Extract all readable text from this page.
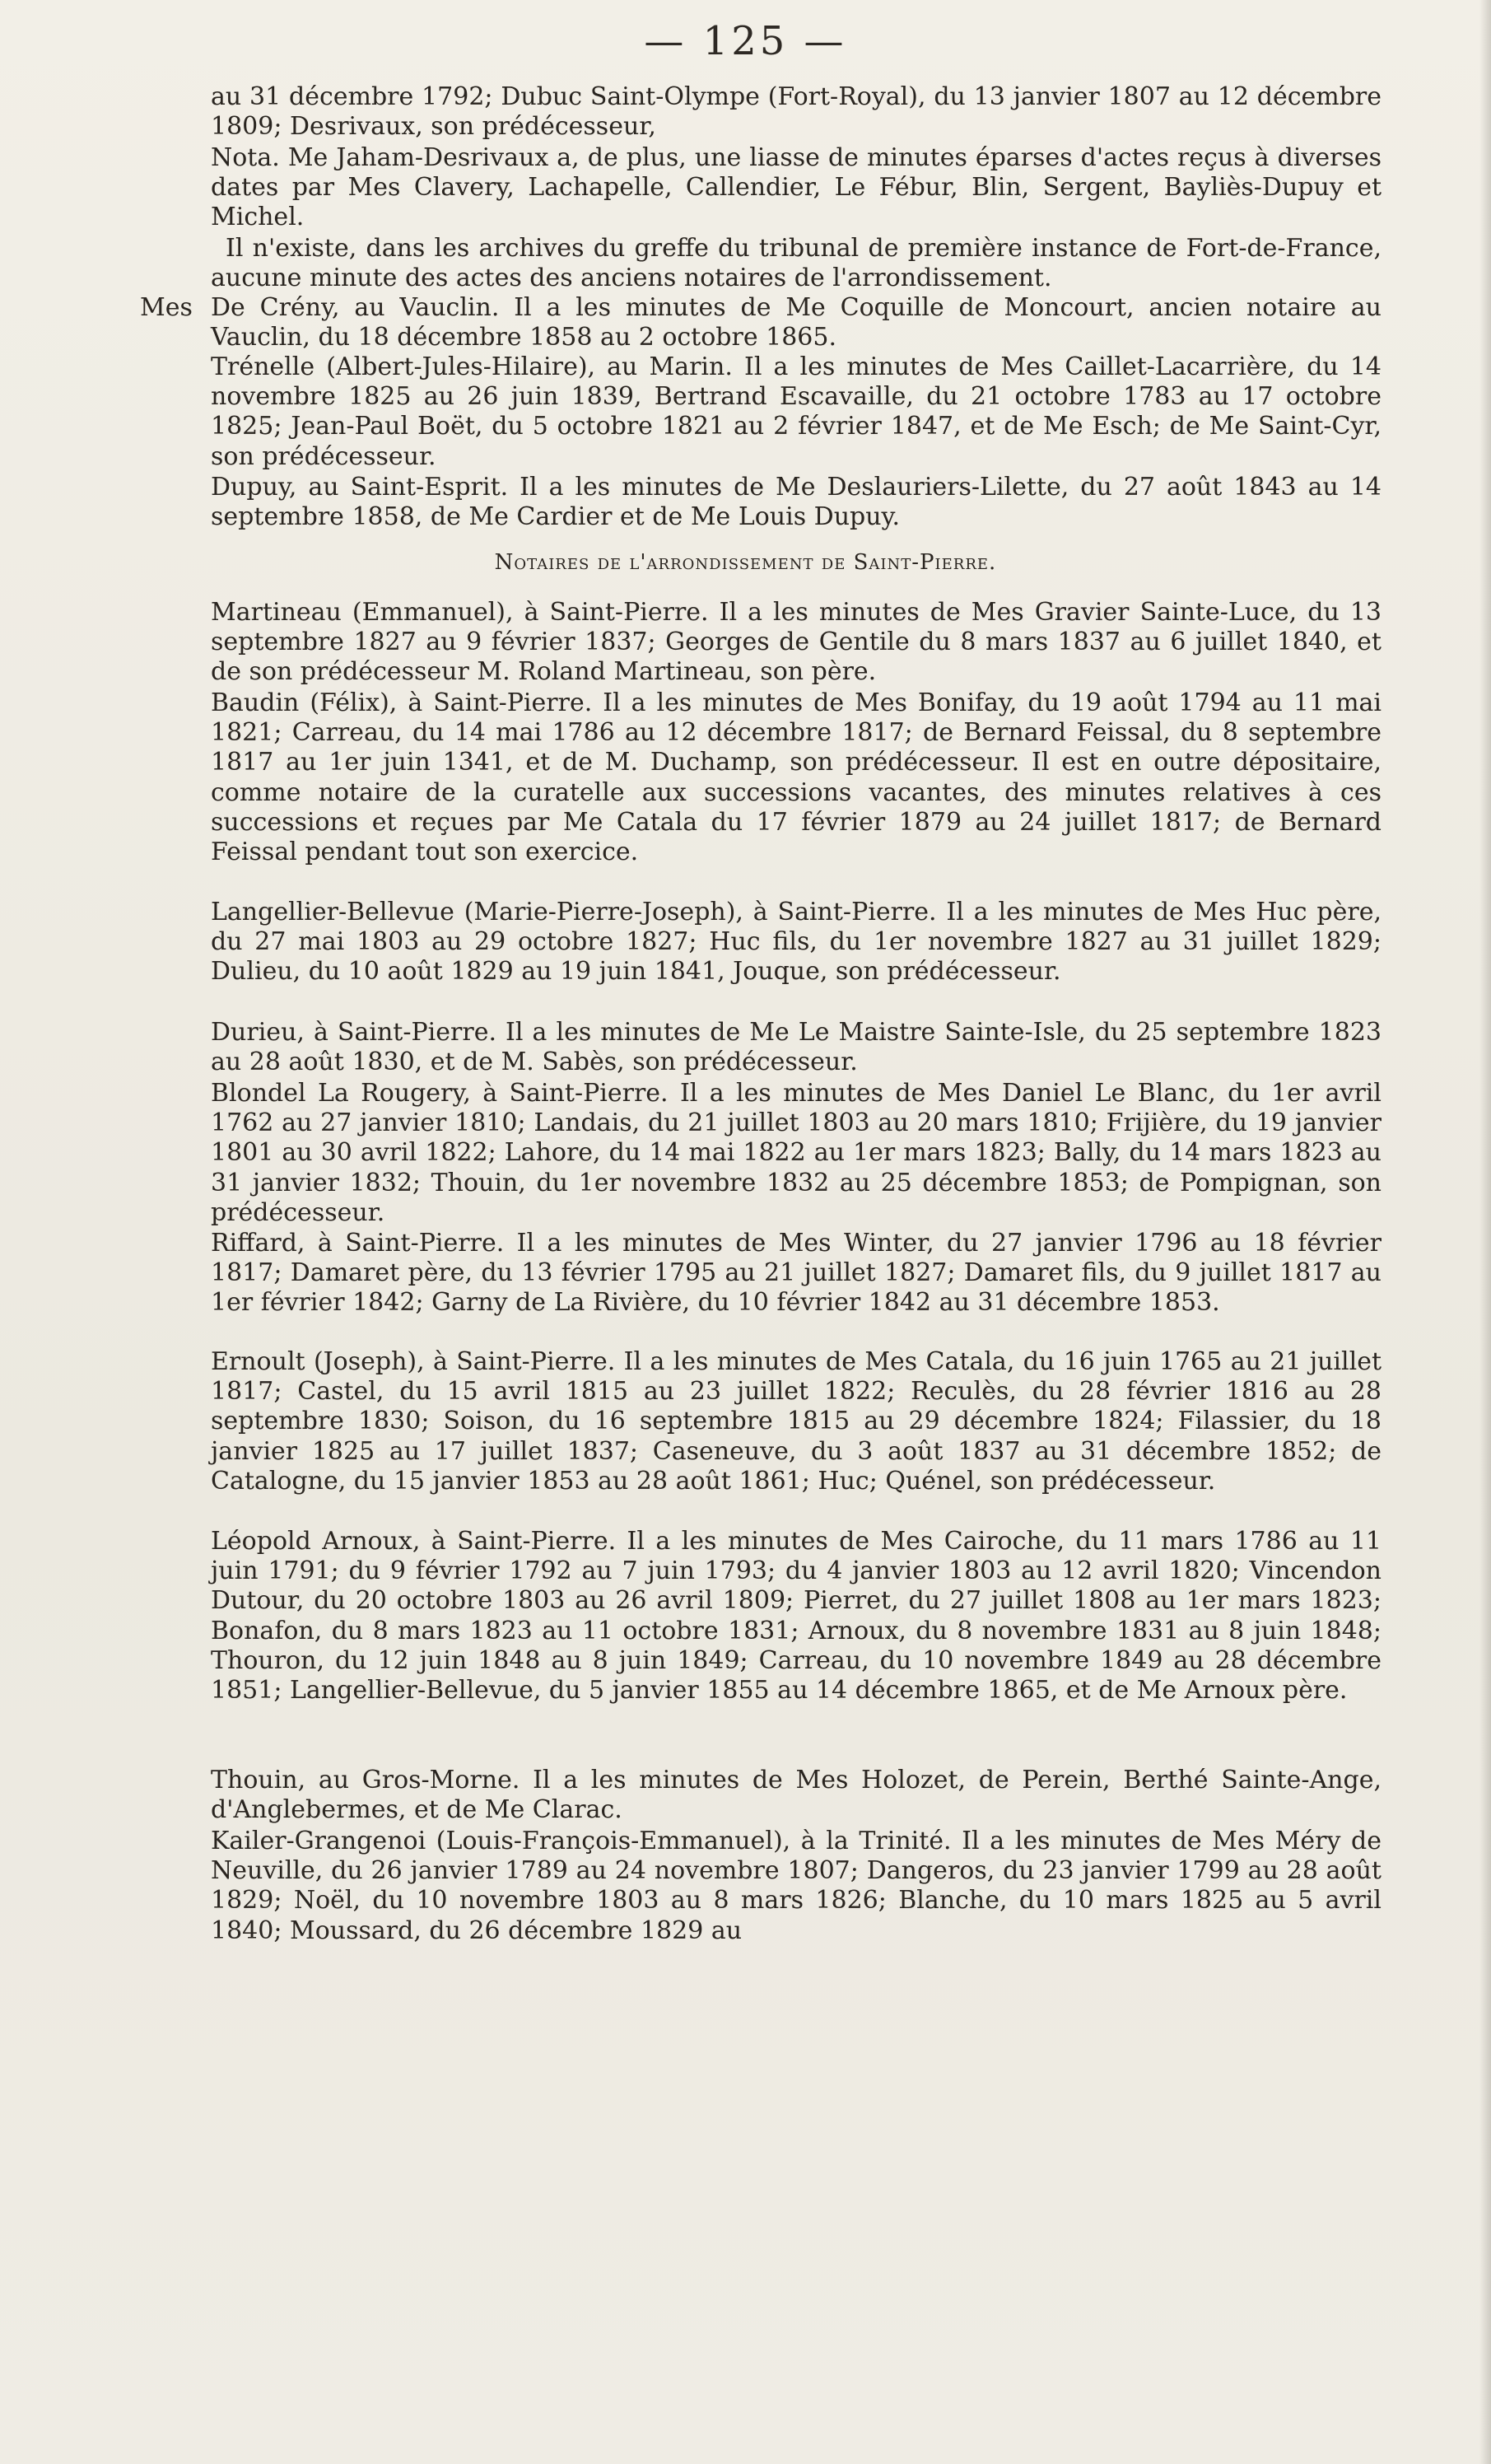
— 125 —

au 31 décembre 1792; Dubuc Saint-Olympe (Fort-Royal), du 13 janvier 1807 au 12 décembre 1809; Desrivaux, son prédécesseur,

Nota. Me Jaham-Desrivaux a, de plus, une liasse de minutes éparses d'actes reçus à diverses dates par Mes Clavery, Lachapelle, Callendier, Le Fébur, Blin, Sergent, Bayliès-Dupuy et Michel.

Il n'existe, dans les archives du greffe du tribunal de première instance de Fort-de-France, aucune minute des actes des anciens notaires de l'arrondissement.

Mes De Crény, au Vauclin. Il a les minutes de Me Coquille de Moncourt, ancien notaire au Vauclin, du 18 décembre 1858 au 2 octobre 1865.

Trénelle (Albert-Jules-Hilaire), au Marin. Il a les minutes de Mes Caillet-Lacarrière, du 14 novembre 1825 au 26 juin 1839, Bertrand Escavaille, du 21 octobre 1783 au 17 octobre 1825; Jean-Paul Boët, du 5 octobre 1821 au 2 février 1847, et de Me Esch; de Me Saint-Cyr, son prédécesseur.

Dupuy, au Saint-Esprit. Il a les minutes de Me Deslauriers-Lilette, du 27 août 1843 au 14 septembre 1858, de Me Cardier et de Me Louis Dupuy.

Notaires de l'arrondissement de Saint-Pierre.

Martineau (Emmanuel), à Saint-Pierre. Il a les minutes de Mes Gravier Sainte-Luce, du 13 septembre 1827 au 9 février 1837; Georges de Gentile du 8 mars 1837 au 6 juillet 1840, et de son prédécesseur M. Roland Martineau, son père.

Baudin (Félix), à Saint-Pierre. Il a les minutes de Mes Bonifay, du 19 août 1794 au 11 mai 1821; Carreau, du 14 mai 1786 au 12 décembre 1817; de Bernard Feissal, du 8 septembre 1817 au 1er juin 1341, et de M. Duchamp, son prédécesseur. Il est en outre dépositaire, comme notaire de la curatelle aux successions vacantes, des minutes relatives à ces successions et reçues par Me Catala du 17 février 1879 au 24 juillet 1817; de Bernard Feissal pendant tout son exercice.

Langellier-Bellevue (Marie-Pierre-Joseph), à Saint-Pierre. Il a les minutes de Mes Huc père, du 27 mai 1803 au 29 octobre 1827; Huc fils, du 1er novembre 1827 au 31 juillet 1829; Dulieu, du 10 août 1829 au 19 juin 1841, Jouque, son prédécesseur.

Durieu, à Saint-Pierre. Il a les minutes de Me Le Maistre Sainte-Isle, du 25 septembre 1823 au 28 août 1830, et de M. Sabès, son prédécesseur.

Blondel La Rougery, à Saint-Pierre. Il a les minutes de Mes Daniel Le Blanc, du 1er avril 1762 au 27 janvier 1810; Landais, du 21 juillet 1803 au 20 mars 1810; Frijière, du 19 janvier 1801 au 30 avril 1822; Lahore, du 14 mai 1822 au 1er mars 1823; Bally, du 14 mars 1823 au 31 janvier 1832; Thouin, du 1er novembre 1832 au 25 décembre 1853; de Pompignan, son prédécesseur.

Riffard, à Saint-Pierre. Il a les minutes de Mes Winter, du 27 janvier 1796 au 18 février 1817; Damaret père, du 13 février 1795 au 21 juillet 1827; Damaret fils, du 9 juillet 1817 au 1er février 1842; Garny de La Rivière, du 10 février 1842 au 31 décembre 1853.

Ernoult (Joseph), à Saint-Pierre. Il a les minutes de Mes Catala, du 16 juin 1765 au 21 juillet 1817; Castel, du 15 avril 1815 au 23 juillet 1822; Reculès, du 28 février 1816 au 28 septembre 1830; Soison, du 16 septembre 1815 au 29 décembre 1824; Filassier, du 18 janvier 1825 au 17 juillet 1837; Caseneuve, du 3 août 1837 au 31 décembre 1852; de Catalogne, du 15 janvier 1853 au 28 août 1861; Huc; Quénel, son prédécesseur.

Léopold Arnoux, à Saint-Pierre. Il a les minutes de Mes Cairoche, du 11 mars 1786 au 11 juin 1791; du 9 février 1792 au 7 juin 1793; du 4 janvier 1803 au 12 avril 1820; Vincendon Dutour, du 20 octobre 1803 au 26 avril 1809; Pierret, du 27 juillet 1808 au 1er mars 1823; Bonafon, du 8 mars 1823 au 11 octobre 1831; Arnoux, du 8 novembre 1831 au 8 juin 1848; Thouron, du 12 juin 1848 au 8 juin 1849; Carreau, du 10 novembre 1849 au 28 décembre 1851; Langellier-Bellevue, du 5 janvier 1855 au 14 décembre 1865, et de Me Arnoux père.

Thouin, au Gros-Morne. Il a les minutes de Mes Holozet, de Perein, Berthé Sainte-Ange, d'Anglebermes, et de Me Clarac.

Kailer-Grangenoi (Louis-François-Emmanuel), à la Trinité. Il a les minutes de Mes Méry de Neuville, du 26 janvier 1789 au 24 novembre 1807; Dangeros, du 23 janvier 1799 au 28 août 1829; Noël, du 10 novembre 1803 au 8 mars 1826; Blanche, du 10 mars 1825 au 5 avril 1840; Moussard, du 26 décembre 1829 au
